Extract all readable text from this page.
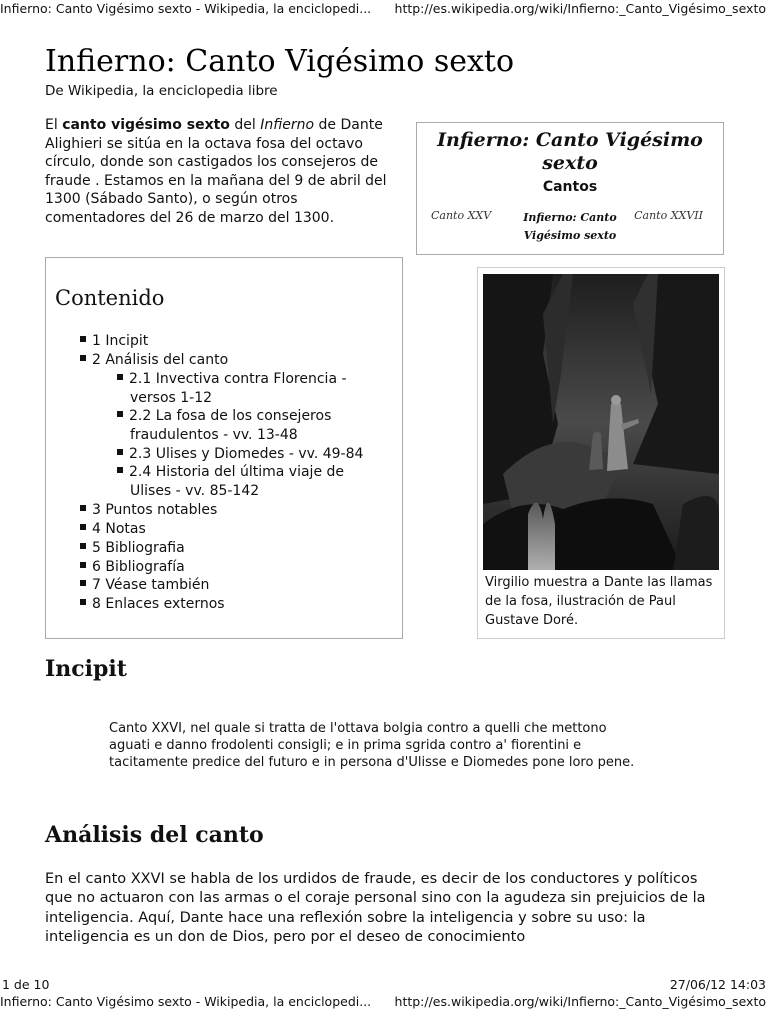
Infierno: Canto Vigésimo sexto - Wikipedia, la enciclopedi... http://es.wikipedia.org/wiki/Infierno:_Canto_Vigésimo_sexto
Infierno: Canto Vigésimo sexto
De Wikipedia, la enciclopedia libre
El canto vigésimo sexto del Infierno de Dante Alighieri se sitúa en la octava fosa del octavo círculo, donde son castigados los consejeros de fraude . Estamos en la mañana del 9 de abril del 1300 (Sábado Santo), o según otros comentadores del 26 de marzo del 1300.
Infierno: Canto Vigésimo sexto
Cantos
Canto XXV	Infierno: Canto Vigésimo sexto
Canto XXVII
Contenido
1 Incipit
2 Análisis del canto
2.1 Invectiva contra Florencia - versos 1-12
2.2 La fosa de los consejeros fraudulentos - vv. 13-48
2.3 Ulises y Diomedes - vv. 49-84
2.4 Historia del última viaje de Ulises - vv. 85-142
3 Puntos notables
4 Notas
5 Bibliografia
6 Bibliografía
7 Véase también
8 Enlaces externos
Virgilio muestra a Dante las llamas de la fosa, ilustración de Paul Gustave Doré.
Incipit
Canto XXVI, nel quale si tratta de l'ottava bolgia contro a quelli che mettono aguati e danno frodolenti consigli; e in prima sgrida contro a' fiorentini e tacitamente predice del futuro e in persona d'Ulisse e Diomedes pone loro pene.
Análisis del canto
En el canto XXVI se habla de los urdidos de fraude, es decir de los conductores y políticos que no actuaron con las armas o el coraje personal sino con la agudeza sin prejuicios de la inteligencia. Aquí, Dante hace una reflexión sobre la inteligencia y sobre su uso: la inteligencia es un don de Dios, pero por el deseo de conocimiento
1 de 10	27/06/12 14:03
Infierno: Canto Vigésimo sexto - Wikipedia, la enciclopedi... http://es.wikipedia.org/wiki/Infierno:_Canto_Vigésimo_sexto
